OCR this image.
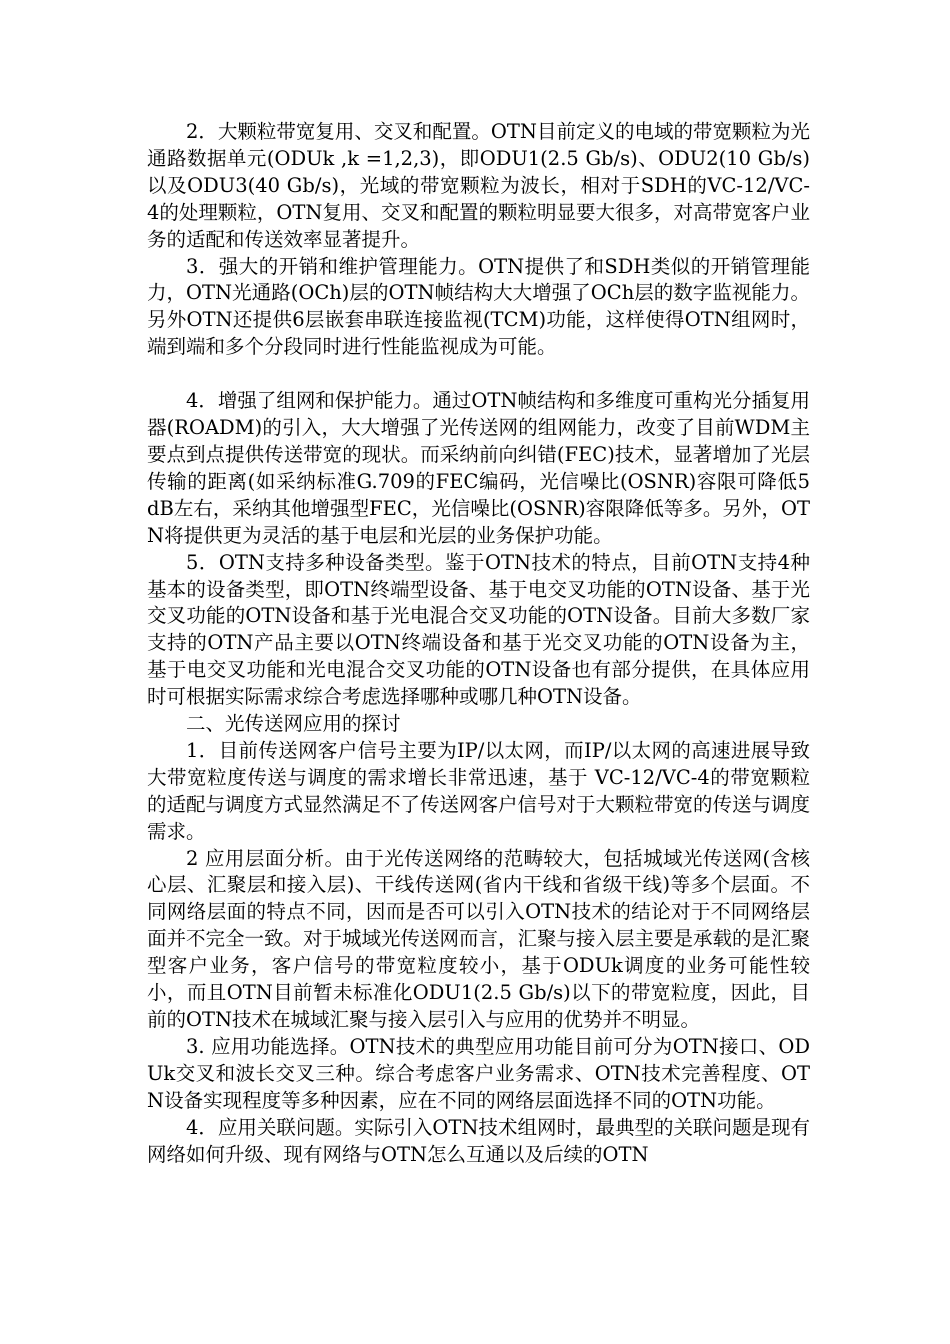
2．大颗粒带宽复用、交叉和配置。OTN目前定义的电域的带宽颗粒为光通路数据单元(ODUk ,k =1,2,3)，即ODU1(2.5 Gb/s)、ODU2(10 Gb/s)以及ODU3(40 Gb/s)，光域的带宽颗粒为波长，相对于SDH的VC-12/VC-4的处理颗粒，OTN复用、交叉和配置的颗粒明显要大很多，对高带宽客户业务的适配和传送效率显著提升。

3．强大的开销和维护管理能力。OTN提供了和SDH类似的开销管理能力，OTN光通路(OCh)层的OTN帧结构大大增强了OCh层的数字监视能力。另外OTN还提供6层嵌套串联连接监视(TCM)功能，这样使得OTN组网时，端到端和多个分段同时进行性能监视成为可能。

4．增强了组网和保护能力。通过OTN帧结构和多维度可重构光分插复用器(ROADM)的引入，大大增强了光传送网的组网能力，改变了目前WDM主要点到点提供传送带宽的现状。而采纳前向纠错(FEC)技术，显著增加了光层传输的距离(如采纳标准G.709的FEC编码，光信噪比(OSNR)容限可降低5 dB左右，采纳其他增强型FEC，光信噪比(OSNR)容限降低等多。另外，OTN将提供更为灵活的基于电层和光层的业务保护功能。

5．OTN支持多种设备类型。鉴于OTN技术的特点，目前OTN支持4种基本的设备类型，即OTN终端型设备、基于电交叉功能的OTN设备、基于光交叉功能的OTN设备和基于光电混合交叉功能的OTN设备。目前大多数厂家支持的OTN产品主要以OTN终端设备和基于光交叉功能的OTN设备为主，基于电交叉功能和光电混合交叉功能的OTN设备也有部分提供，在具体应用时可根据实际需求综合考虑选择哪种或哪几种OTN设备。

二、光传送网应用的探讨

1．目前传送网客户信号主要为IP/以太网，而IP/以太网的高速进展导致大带宽粒度传送与调度的需求增长非常迅速，基于 VC-12/VC-4的带宽颗粒的适配与调度方式显然满足不了传送网客户信号对于大颗粒带宽的传送与调度需求。

2 应用层面分析。由于光传送网络的范畴较大，包括城域光传送网(含核心层、汇聚层和接入层)、干线传送网(省内干线和省级干线)等多个层面。不同网络层面的特点不同，因而是否可以引入OTN技术的结论对于不同网络层面并不完全一致。对于城域光传送网而言，汇聚与接入层主要是承载的是汇聚型客户业务，客户信号的带宽粒度较小，基于ODUk调度的业务可能性较小，而且OTN目前暂未标准化ODU1(2.5 Gb/s)以下的带宽粒度，因此，目前的OTN技术在城域汇聚与接入层引入与应用的优势并不明显。

3. 应用功能选择。OTN技术的典型应用功能目前可分为OTN接口、ODUk交叉和波长交叉三种。综合考虑客户业务需求、OTN技术完善程度、OTN设备实现程度等多种因素，应在不同的网络层面选择不同的OTN功能。

4．应用关联问题。实际引入OTN技术组网时，最典型的关联问题是现有网络如何升级、现有网络与OTN怎么互通以及后续的OTN
